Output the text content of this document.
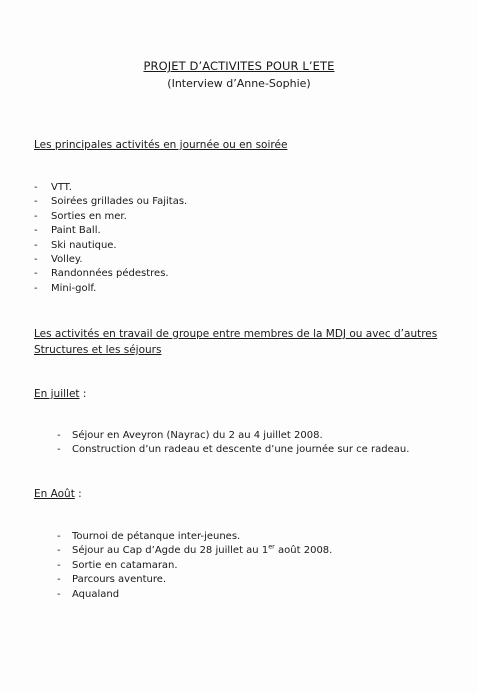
PROJET D’ACTIVITES POUR L’ETE
(Interview d’Anne-Sophie)
Les principales activités en journée ou en soirée
- VTT.
- Soirées grillades ou Fajitas.
- Sorties en mer.
- Paint Ball.
- Ski nautique.
- Volley.
- Randonnées pédestres.
- Mini-golf.
Les activités en travail de groupe entre membres de la MDJ ou avec d’autres
Structures et les séjours
En juillet :
- Séjour en Aveyron (Nayrac) du 2 au 4 juillet 2008.
- Construction d’un radeau et descente d’une journée sur ce radeau.
En Août :
- Tournoi de pétanque inter-jeunes.
- Séjour au Cap d’Agde du 28 juillet au 1er août 2008.
- Sortie en catamaran.
- Parcours aventure.
- Aqualand
